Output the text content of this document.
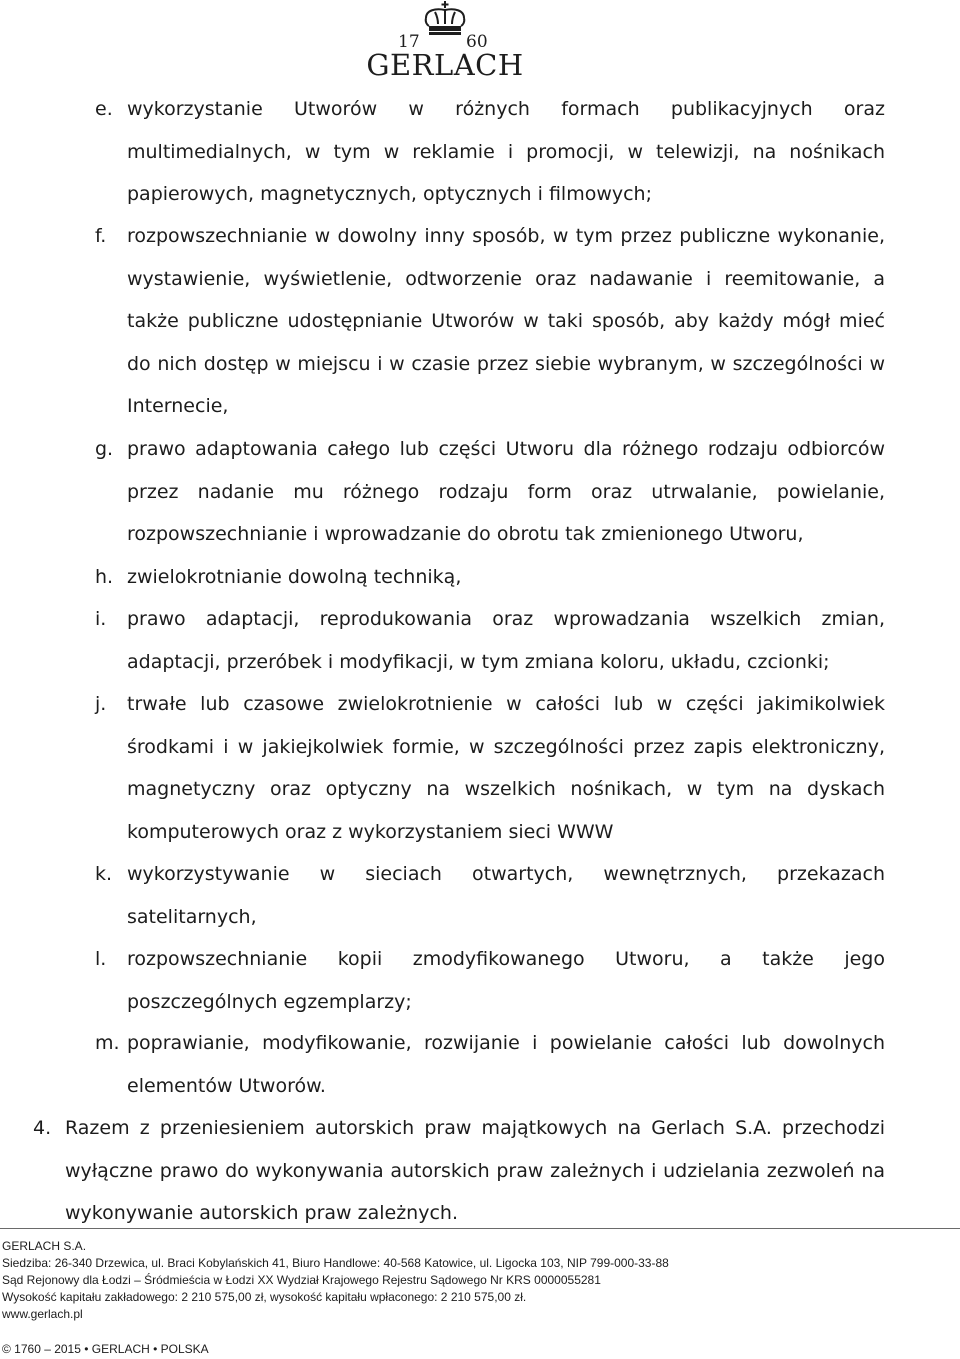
17	60
GERLACH
e. wykorzystanie Utworów w różnych formach publikacyjnych oraz multimedialnych, w tym w reklamie i promocji, w telewizji, na nośnikach papierowych, magnetycznych, optycznych i filmowych;
f. rozpowszechnianie w dowolny inny sposób, w tym przez publiczne wykonanie, wystawienie, wyświetlenie, odtworzenie oraz nadawanie i reemitowanie, a także publiczne udostępnianie Utworów w taki sposób, aby każdy mógł mieć do nich dostęp w miejscu i w czasie przez siebie wybranym, w szczególności w Internecie,
g. prawo adaptowania całego lub części Utworu dla różnego rodzaju odbiorców przez nadanie mu różnego rodzaju form oraz utrwalanie, powielanie, rozpowszechnianie i wprowadzanie do obrotu tak zmienionego Utworu,
h. zwielokrotnianie dowolną techniką,
i. prawo adaptacji, reprodukowania oraz wprowadzania wszelkich zmian, adaptacji, przeróbek i modyfikacji, w tym zmiana koloru, układu, czcionki;
j. trwałe lub czasowe zwielokrotnienie w całości lub w części jakimikolwiek środkami i w jakiejkolwiek formie, w szczególności przez zapis elektroniczny, magnetyczny oraz optyczny na wszelkich nośnikach, w tym na dyskach komputerowych oraz z wykorzystaniem sieci WWW
k. wykorzystywanie w sieciach otwartych, wewnętrznych, przekazach satelitarnych,
l. rozpowszechnianie kopii zmodyfikowanego Utworu, a także jego poszczególnych egzemplarzy;
m. poprawianie, modyfikowanie, rozwijanie i powielanie całości lub dowolnych elementów Utworów.
4. Razem z przeniesieniem autorskich praw majątkowych na Gerlach S.A. przechodzi wyłączne prawo do wykonywania autorskich praw zależnych i udzielania zezwoleń na wykonywanie autorskich praw zależnych.
GERLACH S.A.
Siedziba: 26-340 Drzewica, ul. Braci Kobylańskich 41, Biuro Handlowe: 40-568 Katowice, ul. Ligocka 103, NIP 799-000-33-88
Sąd Rejonowy dla Łodzi – Śródmieścia w Łodzi XX Wydział Krajowego Rejestru Sądowego Nr KRS 0000055281
Wysokość kapitału zakładowego: 2 210 575,00 zł, wysokość kapitału wpłaconego: 2 210 575,00 zł.
www.gerlach.pl
© 1760 – 2015 • GERLACH • POLSKA
